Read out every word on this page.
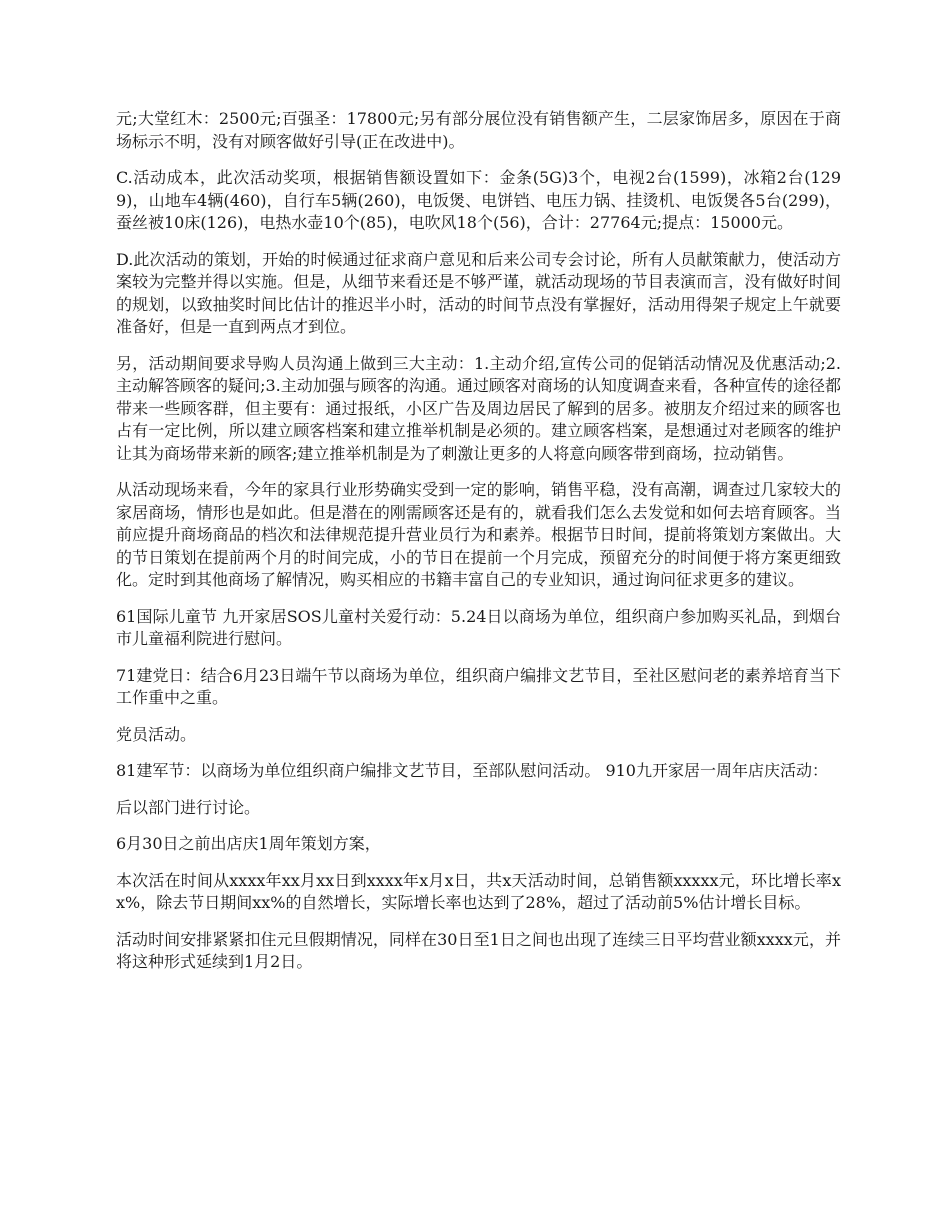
元;大堂红木：2500元;百强圣：17800元;另有部分展位没有销售额产生，二层家饰居多，原因在于商场标示不明，没有对顾客做好引导(正在改进中)。

C.活动成本，此次活动奖项，根据销售额设置如下：金条(5G)3个，电视2台(1599)，冰箱2台(1299)，山地车4辆(460)，自行车5辆(260)，电饭煲、电饼铛、电压力锅、挂烫机、电饭煲各5台(299)，蚕丝被10床(126)，电热水壶10个(85)，电吹风18个(56)，合计：27764元;提点：15000元。

D.此次活动的策划，开始的时候通过征求商户意见和后来公司专会讨论，所有人员献策献力，使活动方案较为完整并得以实施。但是，从细节来看还是不够严谨，就活动现场的节目表演而言，没有做好时间的规划，以致抽奖时间比估计的推迟半小时，活动的时间节点没有掌握好，活动用得架子规定上午就要准备好，但是一直到两点才到位。

另，活动期间要求导购人员沟通上做到三大主动：1.主动介绍,宣传公司的促销活动情况及优惠活动;2.主动解答顾客的疑问;3.主动加强与顾客的沟通。通过顾客对商场的认知度调查来看，各种宣传的途径都带来一些顾客群，但主要有：通过报纸，小区广告及周边居民了解到的居多。被朋友介绍过来的顾客也占有一定比例，所以建立顾客档案和建立推举机制是必须的。建立顾客档案，是想通过对老顾客的维护让其为商场带来新的顾客;建立推举机制是为了刺激让更多的人将意向顾客带到商场，拉动销售。

从活动现场来看，今年的家具行业形势确实受到一定的影响，销售平稳，没有高潮，调查过几家较大的家居商场，情形也是如此。但是潜在的刚需顾客还是有的，就看我们怎么去发觉和如何去培育顾客。当前应提升商场商品的档次和法律规范提升营业员行为和素养。根据节日时间，提前将策划方案做出。大的节日策划在提前两个月的时间完成，小的节日在提前一个月完成，预留充分的时间便于将方案更细致化。定时到其他商场了解情况，购买相应的书籍丰富自己的专业知识，通过询问征求更多的建议。

61国际儿童节 九开家居SOS儿童村关爱行动：5.24日以商场为单位，组织商户参加购买礼品，到烟台市儿童福利院进行慰问。

71建党日：结合6月23日端午节以商场为单位，组织商户编排文艺节目，至社区慰问老的素养培育当下工作重中之重。

党员活动。

81建军节：以商场为单位组织商户编排文艺节目，至部队慰问活动。 910九开家居一周年店庆活动：

后以部门进行讨论。

6月30日之前出店庆1周年策划方案，

本次活在时间从xxxx年xx月xx日到xxxx年x月x日，共x天活动时间，总销售额xxxxx元，环比增长率xx%，除去节日期间xx%的自然增长，实际增长率也达到了28%，超过了活动前5%估计增长目标。

活动时间安排紧紧扣住元旦假期情况，同样在30日至1日之间也出现了连续三日平均营业额xxxx元，并将这种形式延续到1月2日。
